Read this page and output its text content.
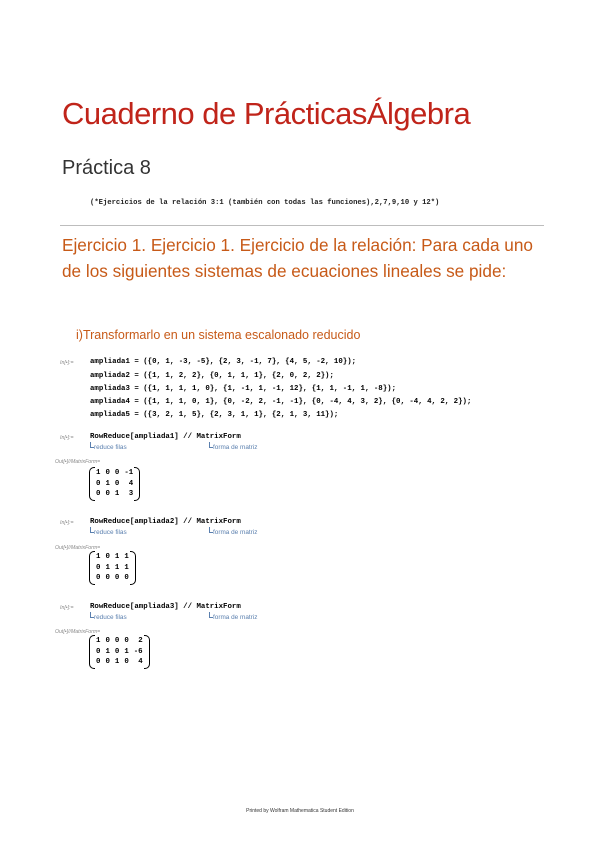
Cuaderno de PrácticasÁlgebra
Práctica 8
(*Ejercicios de la relación 3:1 (también con todas las funciones),2,7,9,10 y 12*)
Ejercicio 1. Ejercicio 1. Ejercicio de la relación: Para cada uno de los siguientes sistemas de ecuaciones lineales se pide:
i)Transformarlo en un sistema escalonado reducido
In[•]:= ampliada1 = ({0, 1, -3, -5}, {2, 3, -1, 7}, {4, 5, -2, 10});
ampliada2 = ({1, 1, 2, 2}, {0, 1, 1, 1}, {2, 0, 2, 2});
ampliada3 = ({1, 1, 1, 1, 0}, {1, -1, 1, -1, 12}, {1, 1, -1, 1, -8});
ampliada4 = ({1, 1, 1, 0, 1}, {0, -2, 2, -1, -1}, {0, -4, 4, 3, 2}, {0, -4, 4, 2, 2});
ampliada5 = ({3, 2, 1, 5}, {2, 3, 1, 1}, {2, 1, 3, 11});
In[•]:= RowReduce[ampliada1] // MatrixForm
reduce filas	forma de matriz
Out[•]//MatrixForm=
1 0 0 -1
0 1 0	4
0 0 1	3
In[•]:= RowReduce[ampliada2] // MatrixForm
reduce filas	forma de matriz
Out[•]//MatrixForm=
1 0 1 1
0 1 1 1
0 0 0 0
In[•]:= RowReduce[ampliada3] // MatrixForm
reduce filas	forma de matriz
Out[•]//MatrixForm=
1 0 0 0	2
0 1 0 1 -6
0 0 1 0	4
Printed by Wolfram Mathematica Student Edition
